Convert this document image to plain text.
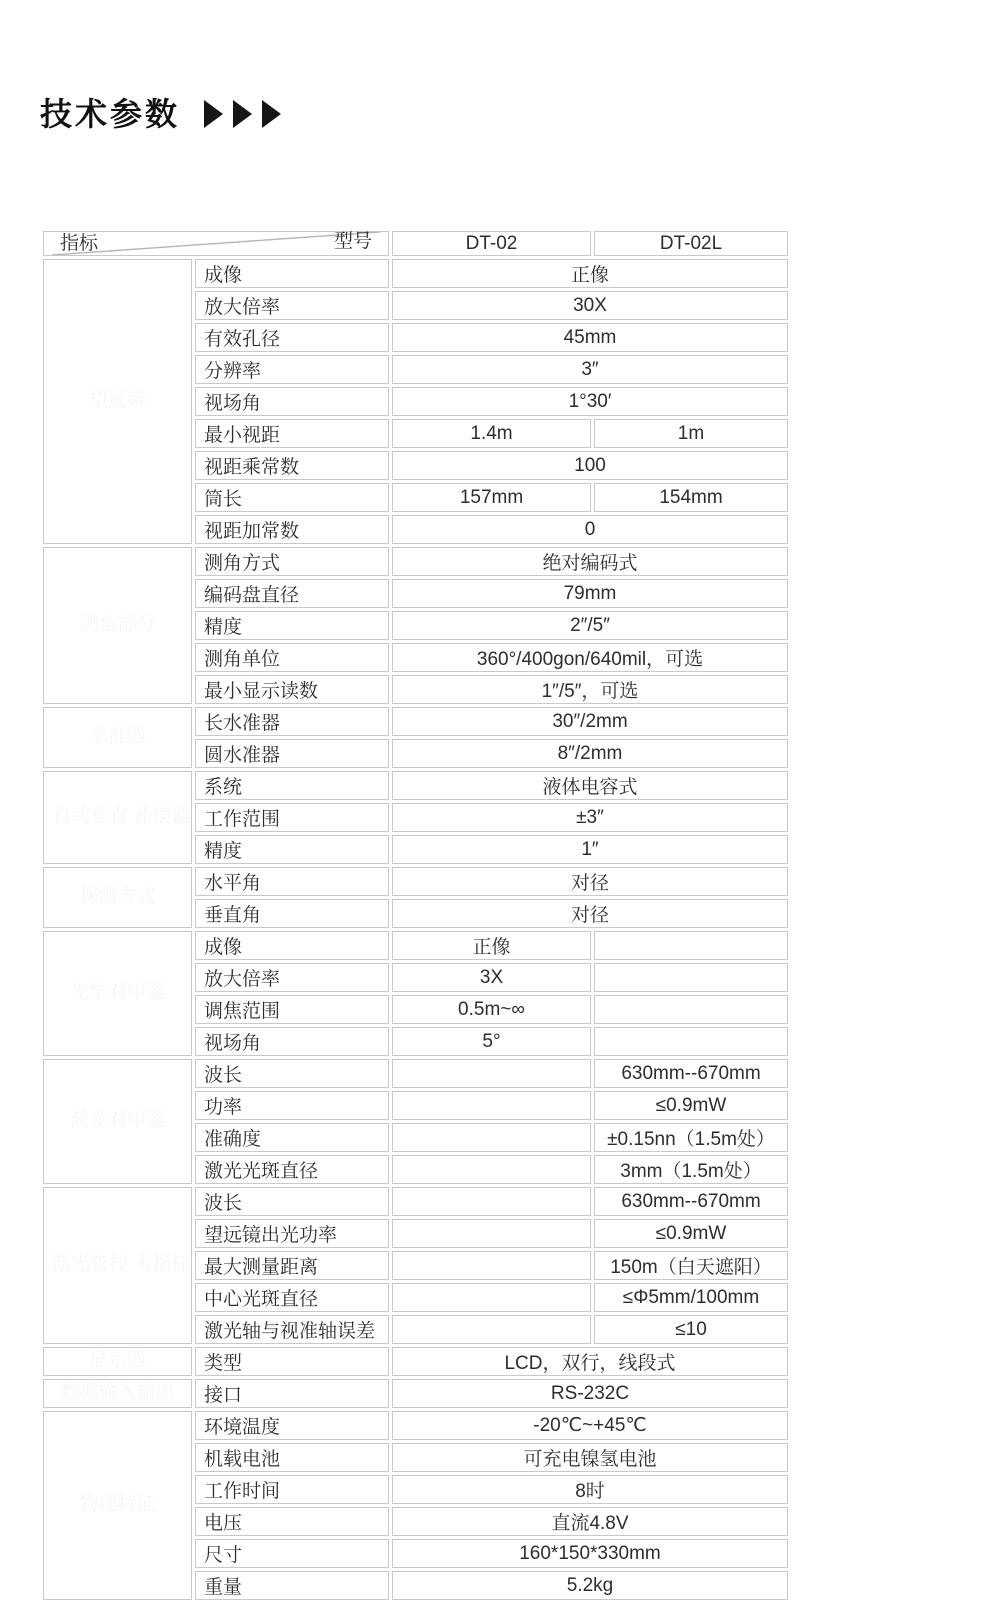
技术参数
指标 型号		DT-02	DT-02L
望远镜	成像	正像	
	放大倍率	30X	
	有效孔径	45mm	
	分辨率	3″	
	视场角	1°30′	
	最小视距	1.4m	1m
	视距乘常数	100	
	筒长	157mm	154mm
	视距加常数	0	
测角部分	测角方式	绝对编码式	
	编码盘直径	79mm	
	精度	2″/5″	
	测角单位	360°/400gon/640mil，可选	
	最小显示读数	1″/5″，可选	
水准器	长水准器	30″/2mm	
	圆水准器	8″/2mm	
自动垂直 补偿器	系统	液体电容式	
	工作范围	±3″	
	精度	1″	
探测方式	水平角	对径	
	垂直角	对径	
光学对中器	成像	正像	
	放大倍率	3X	
	调焦范围	0.5m~∞	
	视场角	5°	
激光对中器	波长		630mm--670mm
	功率		≤0.9mW
	准确度		±0.15nn（1.5m处）
	激光光斑直径		3mm（1.5m处）
激光管技 术指标	波长		630mm--670mm
	望远镜出光功率		≤0.9mW
	最大测量距离		150m（白天遮阳）
	中心光斑直径		≤Φ5mm/100mm
	激光轴与视准轴误差		≤10
显示器	类型	LCD，双行，线段式	
数据输入输出	接口	RS-232C	
物理特征	环境温度	-20℃~+45℃	
	机载电池	可充电镍氢电池	
	工作时间	8时	
	电压	直流4.8V	
	尺寸	160*150*330mm	
	重量	5.2kg	
